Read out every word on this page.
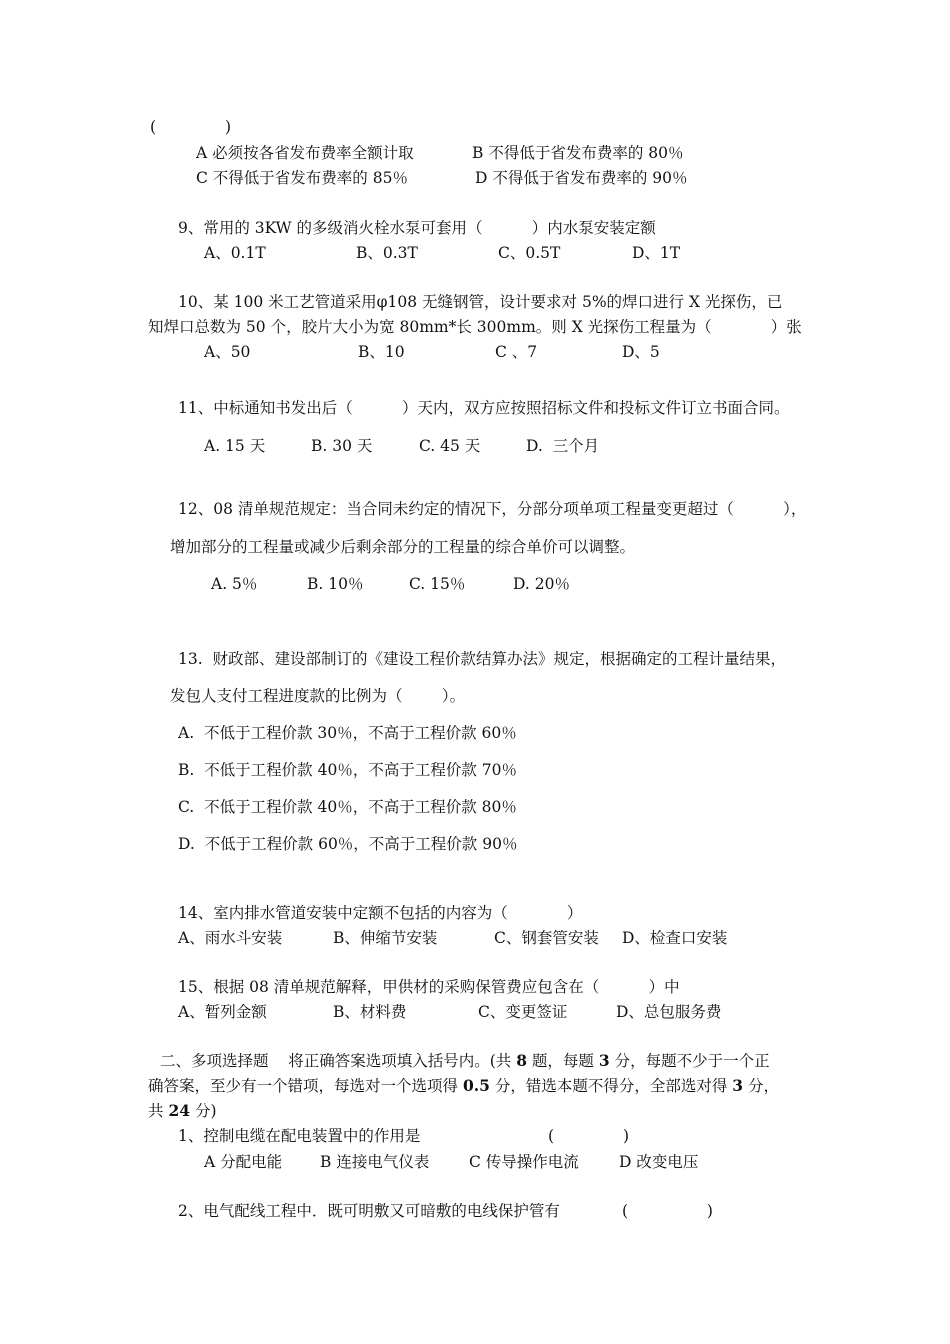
(              )
A 必须按各省发布费率全额计取	B 不得低于省发布费率的 80％
C 不得低于省发布费率的 85％	D 不得低于省发布费率的 90％
9、常用的 3KW 的多级消火栓水泵可套用（          ）内水泵安装定额
A、0.1T	B、0.3T	C、0.5T	D、1T
10、某 100 米工艺管道采用φ108 无缝钢管，设计要求对 5%的焊口进行 X 光探伤，已
知焊口总数为 50 个，胶片大小为宽 80mm*长 300mm。则 X 光探伤工程量为（            ）张
A、50	B、10	C 、7	D、5
11、中标通知书发出后（          ）天内，双方应按照招标文件和投标文件订立书面合同。
A. 15 天	B. 30 天	C. 45 天	D.  三个月
12、08 清单规范规定：当合同未约定的情况下，分部分项单项工程量变更超过（          ），
增加部分的工程量或减少后剩余部分的工程量的综合单价可以调整。
A. 5％	B. 10％	C. 15％	D. 20％
13.  财政部、建设部制订的《建设工程价款结算办法》规定，根据确定的工程计量结果，
发包人支付工程进度款的比例为（        ）。
A.  不低于工程价款 30％，不高于工程价款 60％
B.  不低于工程价款 40％，不高于工程价款 70％
C.  不低于工程价款 40％，不高于工程价款 80％
D.  不低于工程价款 60％，不高于工程价款 90％
14、室内排水管道安装中定额不包括的内容为（            ）
A、雨水斗安装	B、伸缩节安装	C、钢套管安装 D、检查口安装
15、根据 08 清单规范解释，甲供材的采购保管费应包含在（          ）中
A、暂列金额	B、材料费	C、变更签证	D、总包服务费
二、多项选择题    将正确答案选项填入括号内。(共 8 题，每题 3 分，每题不少于一个正
确答案，至少有一个错项，每选对一个选项得 0.5 分，错选本题不得分，全部选对得 3 分，
共 24 分)
1、控制电缆在配电装置中的作用是	(              )
A 分配电能 B 连接电气仪表	C 传导操作电流	D 改变电压
2、电气配线工程中．既可明敷又可暗敷的电线保护管有	(                )
